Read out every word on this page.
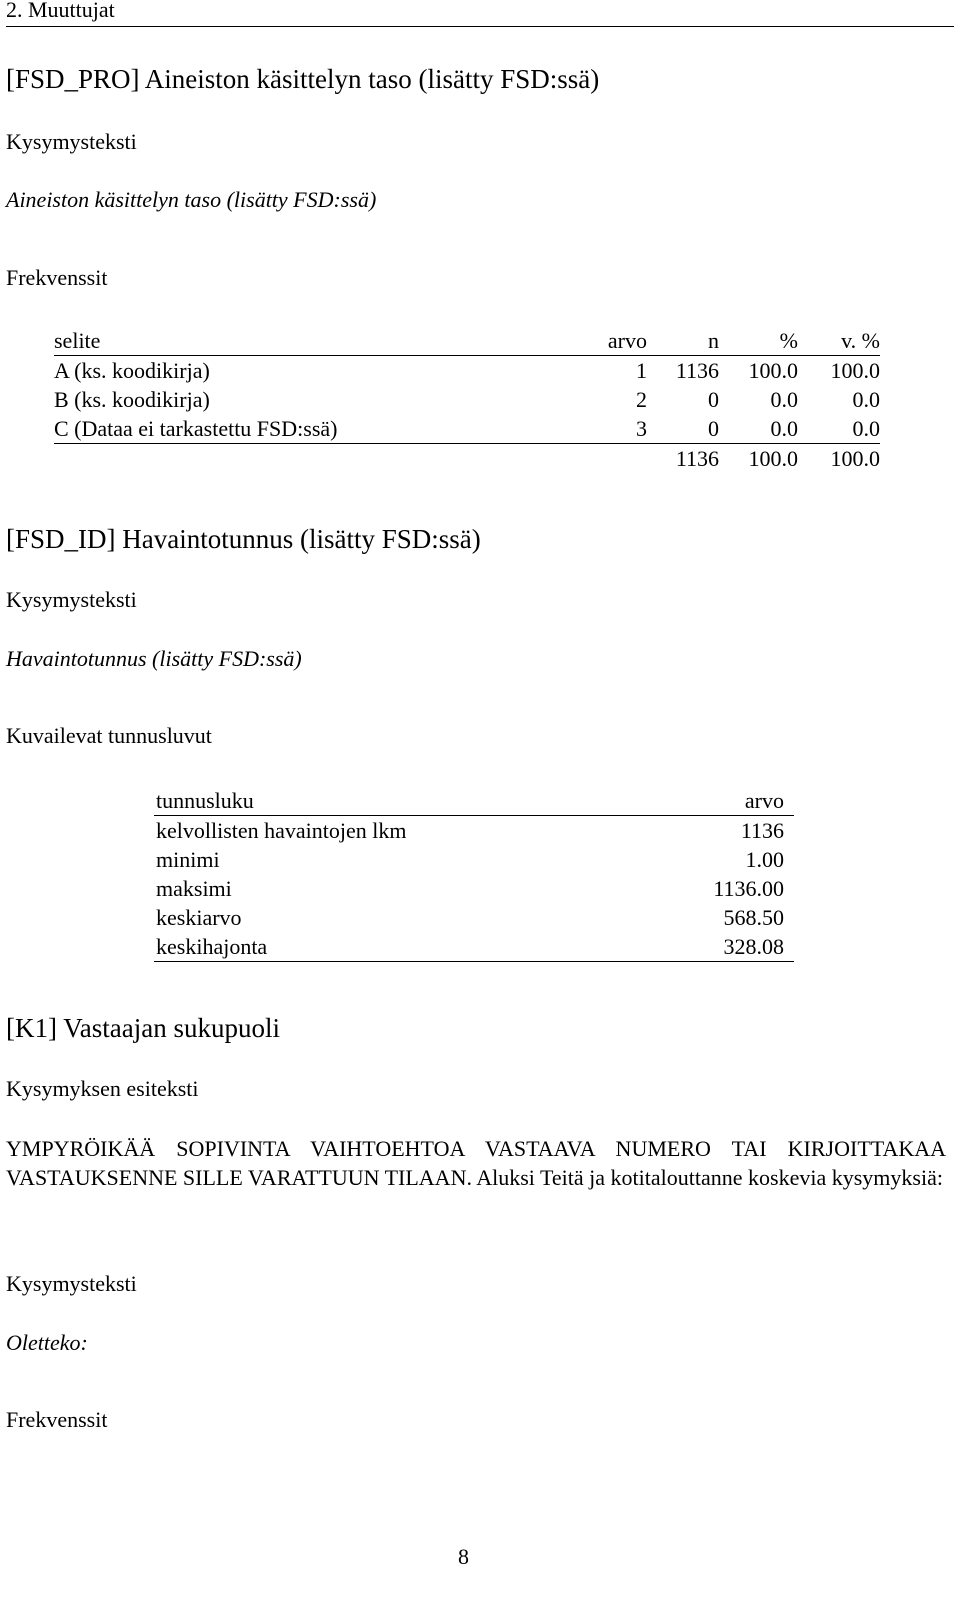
2. Muuttujat
[FSD_PRO] Aineiston käsittelyn taso (lisätty FSD:ssä)
Kysymysteksti
Aineiston käsittelyn taso (lisätty FSD:ssä)
Frekvenssit
selite	arvo	n	%	v. %
A (ks. koodikirja)	1	1136	100.0	100.0
B (ks. koodikirja)	2	0	0.0	0.0
C (Dataa ei tarkastettu FSD:ssä)	3	0	0.0	0.0
		1136	100.0	100.0
[FSD_ID] Havaintotunnus (lisätty FSD:ssä)
Kysymysteksti
Havaintotunnus (lisätty FSD:ssä)
Kuvailevat tunnusluvut
tunnusluku	arvo
kelvollisten havaintojen lkm	1136
minimi	1.00
maksimi	1136.00
keskiarvo	568.50
keskihajonta	328.08
[K1] Vastaajan sukupuoli
Kysymyksen esiteksti
YMPYRÖIKÄÄ SOPIVINTA VAIHTOEHTOA VASTAAVA NUMERO TAI KIRJOITTAKAA VASTAUKSENNE SILLE VARATTUUN TILAAN. Aluksi Teitä ja kotitalouttanne koskevia kysymyksiä:
Kysymysteksti
Oletteko:
Frekvenssit
8
